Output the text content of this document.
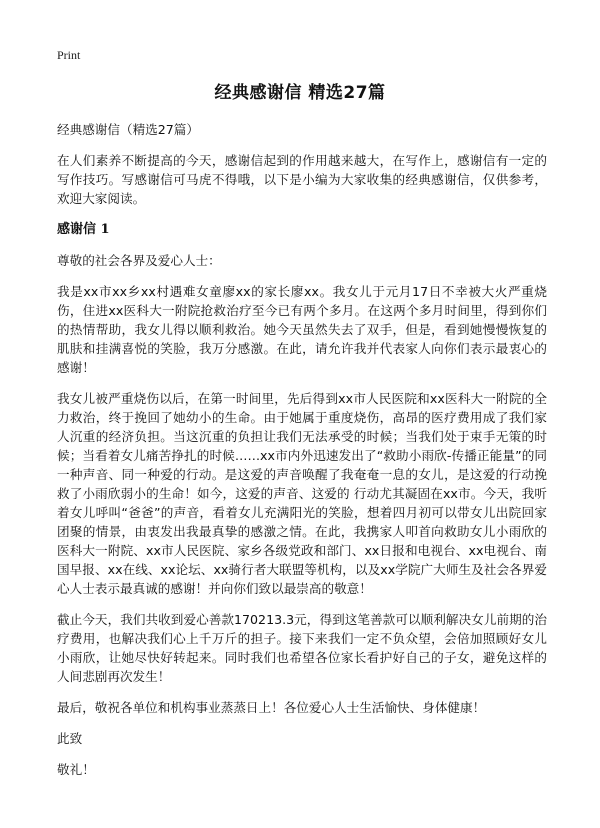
Print
经典感谢信 精选27篇

经典感谢信（精选27篇）

在人们素养不断提高的今天，感谢信起到的作用越来越大，在写作上，感谢信有一定的写作技巧。写感谢信可马虎不得哦，以下是小编为大家收集的经典感谢信，仅供参考，欢迎大家阅读。

感谢信 1

尊敬的社会各界及爱心人士：

我是xx市xx乡xx村遇难女童廖xx的家长廖xx。我女儿于元月17日不幸被大火严重烧伤，住进xx医科大一附院抢救治疗至今已有两个多月。在这两个多月时间里，得到你们的热情帮助，我女儿得以顺利救治。她今天虽然失去了双手，但是，看到她慢慢恢复的肌肤和挂满喜悦的笑脸，我万分感激。在此，请允许我并代表家人向你们表示最衷心的感谢！

我女儿被严重烧伤以后，在第一时间里，先后得到xx市人民医院和xx医科大一附院的全力救治，终于挽回了她幼小的生命。由于她属于重度烧伤，高昂的医疗费用成了我们家人沉重的经济负担。当这沉重的负担让我们无法承受的时候；当我们处于束手无策的时候；当看着女儿痛苦挣扎的时候……xx市内外迅速发出了“救助小雨欣-传播正能量”的同一种声音、同一种爱的行动。是这爱的声音唤醒了我奄奄一息的女儿，是这爱的行动挽救了小雨欣弱小的生命！如今，这爱的声音、这爱的 行动尤其凝固在xx市。今天，我听着女儿呼叫“爸爸”的声音，看着女儿充满阳光的笑脸，想着四月初可以带女儿出院回家团聚的情景，由衷发出我最真挚的感激之情。在此，我携家人叩首向救助女儿小雨欣的医科大一附院、xx市人民医院、家乡各级党政和部门、xx日报和电视台、xx电视台、南国早报、xx在线、xx论坛、xx骑行者大联盟等机构，以及xx学院广大师生及社会各界爱心人士表示最真诚的感谢！并向你们致以最崇高的敬意！

截止今天，我们共收到爱心善款170213.3元，得到这笔善款可以顺利解决女儿前期的治疗费用，也解决我们心上千万斤的担子。接下来我们一定不负众望，会倍加照顾好女儿小雨欣，让她尽快好转起来。同时我们也希望各位家长看护好自己的子女，避免这样的人间悲剧再次发生！

最后，敬祝各单位和机构事业蒸蒸日上！各位爱心人士生活愉快、身体健康！

此致

敬礼！
